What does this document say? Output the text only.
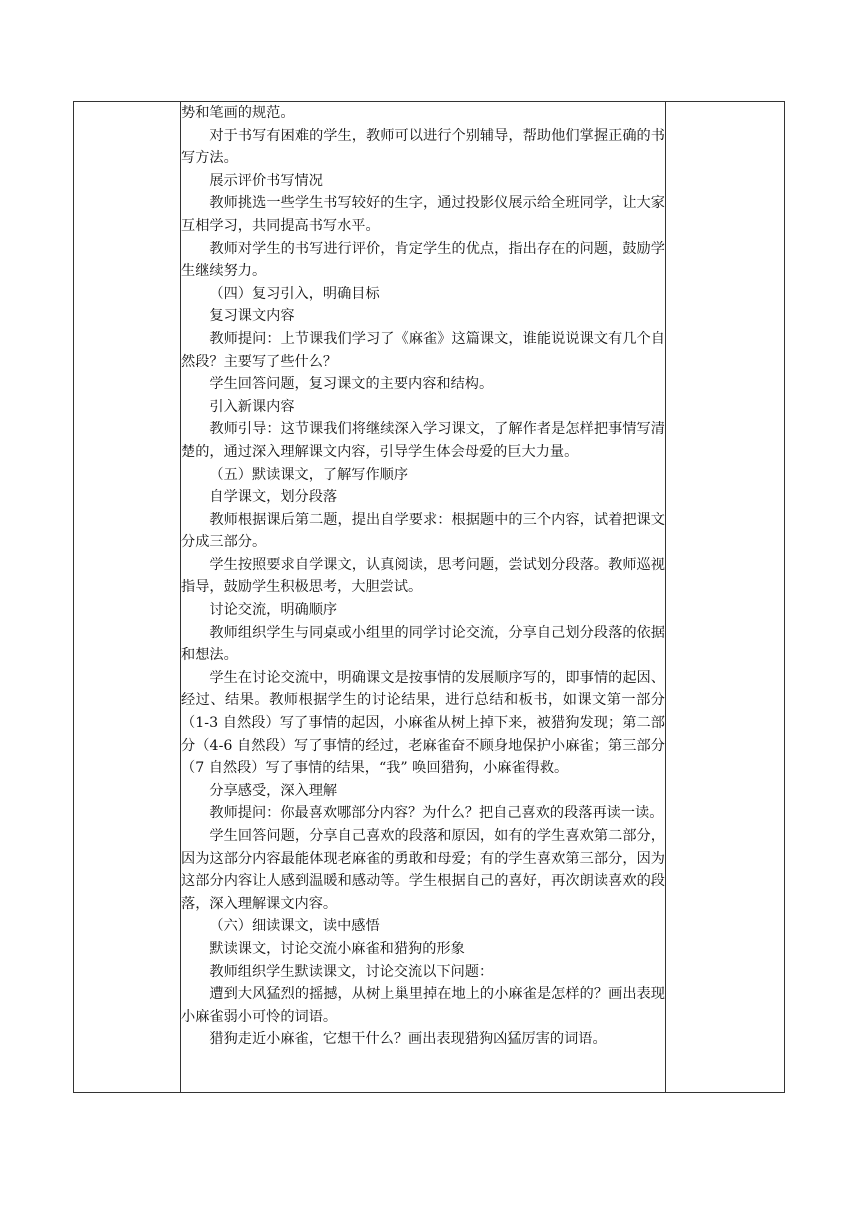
势和笔画的规范。

对于书写有困难的学生，教师可以进行个别辅导，帮助他们掌握正确的书写方法。

展示评价书写情况

教师挑选一些学生书写较好的生字，通过投影仪展示给全班同学，让大家互相学习，共同提高书写水平。

教师对学生的书写进行评价，肯定学生的优点，指出存在的问题，鼓励学生继续努力。

（四）复习引入，明确目标

复习课文内容

教师提问：上节课我们学习了《麻雀》这篇课文，谁能说说课文有几个自然段？主要写了些什么？

学生回答问题，复习课文的主要内容和结构。

引入新课内容

教师引导：这节课我们将继续深入学习课文，了解作者是怎样把事情写清楚的，通过深入理解课文内容，引导学生体会母爱的巨大力量。

（五）默读课文，了解写作顺序

自学课文，划分段落

教师根据课后第二题，提出自学要求：根据题中的三个内容，试着把课文分成三部分。

学生按照要求自学课文，认真阅读，思考问题，尝试划分段落。教师巡视指导，鼓励学生积极思考，大胆尝试。

讨论交流，明确顺序

教师组织学生与同桌或小组里的同学讨论交流，分享自己划分段落的依据和想法。

学生在讨论交流中，明确课文是按事情的发展顺序写的，即事情的起因、经过、结果。教师根据学生的讨论结果，进行总结和板书，如课文第一部分（1-3 自然段）写了事情的起因，小麻雀从树上掉下来，被猎狗发现；第二部分（4-6 自然段）写了事情的经过，老麻雀奋不顾身地保护小麻雀；第三部分（7 自然段）写了事情的结果，“我” 唤回猎狗，小麻雀得救。

分享感受，深入理解

教师提问：你最喜欢哪部分内容？为什么？把自己喜欢的段落再读一读。

学生回答问题，分享自己喜欢的段落和原因，如有的学生喜欢第二部分，因为这部分内容最能体现老麻雀的勇敢和母爱；有的学生喜欢第三部分，因为这部分内容让人感到温暖和感动等。学生根据自己的喜好，再次朗读喜欢的段落，深入理解课文内容。

（六）细读课文，读中感悟

默读课文，讨论交流小麻雀和猎狗的形象

教师组织学生默读课文，讨论交流以下问题：

遭到大风猛烈的摇撼，从树上巢里掉在地上的小麻雀是怎样的？画出表现小麻雀弱小可怜的词语。

猎狗走近小麻雀，它想干什么？画出表现猎狗凶猛厉害的词语。
